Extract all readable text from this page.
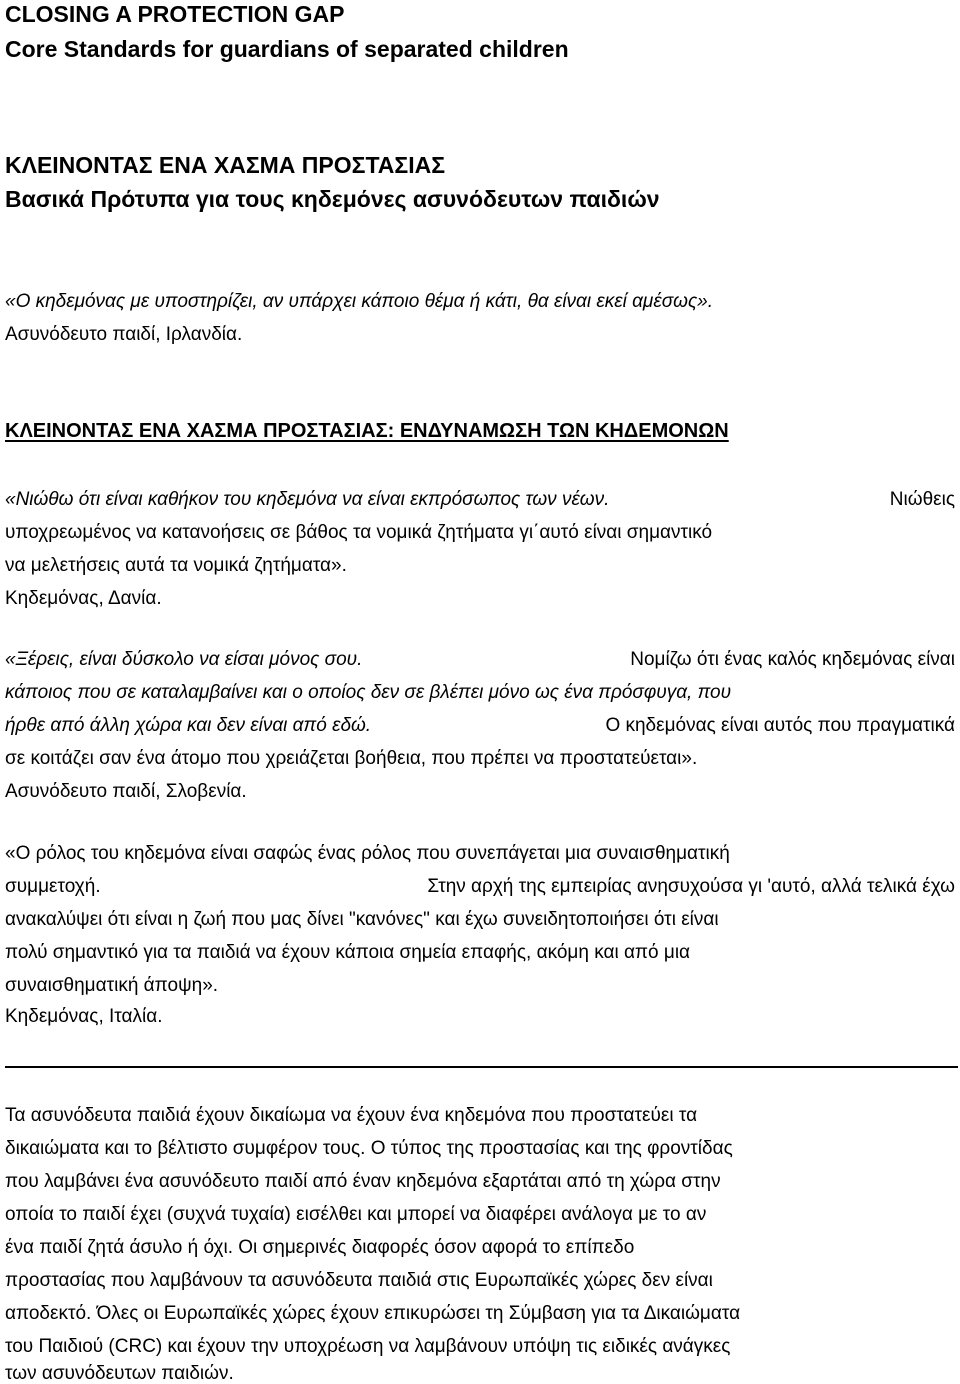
CLOSING A PROTECTION GAP
Core Standards for guardians of separated children
ΚΛΕΙΝΟΝΤΑΣ ΕΝΑ ΧΑΣΜΑ ΠΡΟΣΤΑΣΙΑΣ
Βασικά Πρότυπα για τους κηδεμόνες ασυνόδευτων παιδιών
«Ο κηδεμόνας με υποστηρίζει, αν υπάρχει κάποιο θέμα ή κάτι, θα είναι εκεί αμέσως».
Ασυνόδευτο παιδί, Ιρλανδία.
ΚΛΕΙΝΟΝΤΑΣ ΕΝΑ ΧΑΣΜΑ ΠΡΟΣΤΑΣΙΑΣ: ΕΝΔΥΝΑΜΩΣΗ ΤΩΝ ΚΗΔΕΜΟΝΩΝ
«Νιώθω ότι είναι καθήκον του κηδεμόνα να είναι εκπρόσωπος των νέων.	Νιώθεις
υποχρεωμένος να κατανοήσεις σε βάθος τα νομικά ζητήματα γι΄αυτό είναι σημαντικό
να μελετήσεις αυτά τα νομικά ζητήματα».
Κηδεμόνας, Δανία.
«Ξέρεις, είναι δύσκολο να είσαι μόνος σου.	Νομίζω ότι ένας καλός κηδεμόνας είναι
κάποιος που σε καταλαμβαίνει και ο οποίος δεν σε βλέπει μόνο ως ένα πρόσφυγα, που
ήρθε από άλλη χώρα και δεν είναι από εδώ.	Ο κηδεμόνας είναι αυτός που πραγματικά
σε κοιτάζει σαν ένα άτομο που χρειάζεται βοήθεια, που πρέπει να προστατεύεται».
Ασυνόδευτο παιδί, Σλοβενία.
«Ο ρόλος του κηδεμόνα είναι σαφώς ένας ρόλος που συνεπάγεται μια συναισθηματική
συμμετοχή.	Στην αρχή της εμπειρίας ανησυχούσα γι 'αυτό, αλλά τελικά έχω
ανακαλύψει ότι είναι η ζωή που μας δίνει "κανόνες" και έχω συνειδητοποιήσει ότι είναι
πολύ σημαντικό για τα παιδιά να έχουν κάποια σημεία επαφής, ακόμη και από μια
συναισθηματική άποψη».
Κηδεμόνας, Ιταλία.
Τα ασυνόδευτα παιδιά έχουν δικαίωμα να έχουν ένα κηδεμόνα που προστατεύει τα
δικαιώματα και το βέλτιστο συμφέρον τους. Ο τύπος της προστασίας και της φροντίδας
που λαμβάνει ένα ασυνόδευτο παιδί από έναν κηδεμόνα εξαρτάται από τη χώρα στην
οποία το παιδί έχει (συχνά τυχαία) εισέλθει και μπορεί να διαφέρει ανάλογα με το αν
ένα παιδί ζητά άσυλο ή όχι. Οι σημερινές διαφορές όσον αφορά το επίπεδο
προστασίας που λαμβάνουν τα ασυνόδευτα παιδιά στις Ευρωπαϊκές χώρες δεν είναι
αποδεκτό. Όλες οι Ευρωπαϊκές χώρες έχουν επικυρώσει τη Σύμβαση για τα Δικαιώματα
του Παιδιού (CRC) και έχουν την υποχρέωση να λαμβάνουν υπόψη τις ειδικές ανάγκες
των ασυνόδευτων παιδιών.
